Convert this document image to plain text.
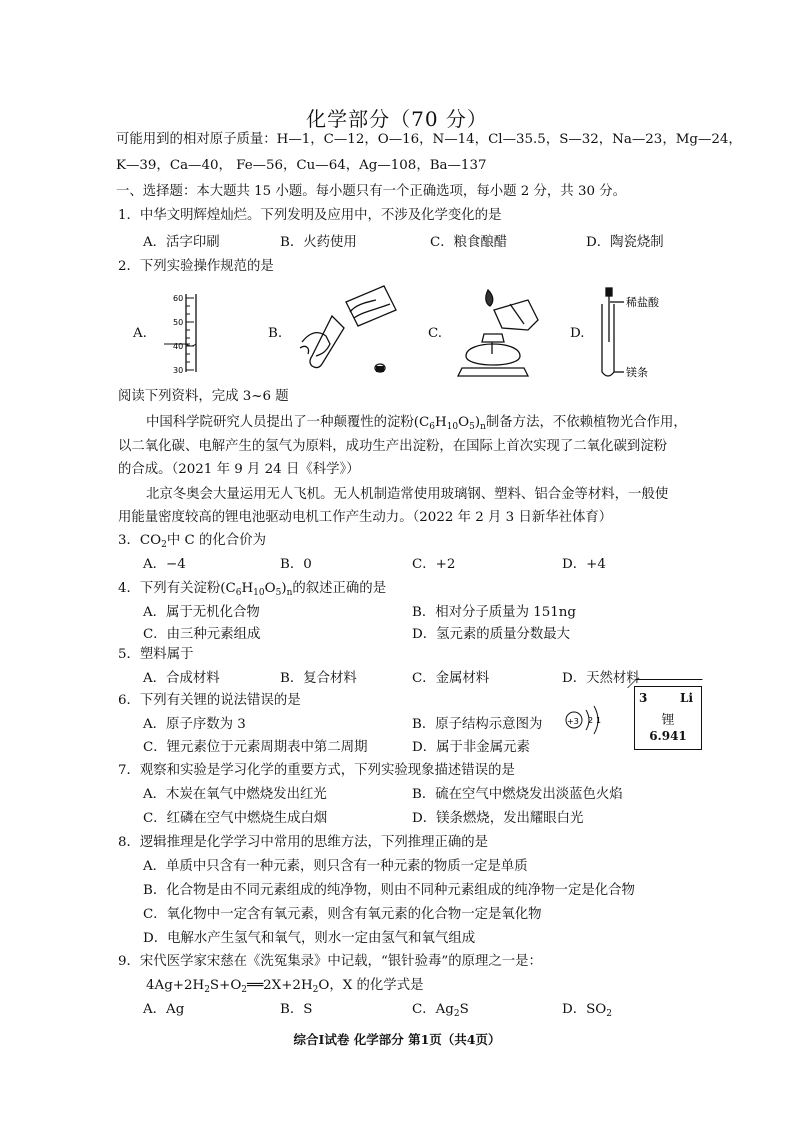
化学部分（70 分）
可能用到的相对原子质量：H—1，C—12，O—16，N—14，Cl—35.5，S—32，Na—23，Mg—24，
K—39，Ca—40， Fe—56，Cu—64，Ag—108，Ba—137
一、选择题：本大题共 15 小题。每小题只有一个正确选项，每小题 2 分，共 30 分。
1．中华文明辉煌灿烂。下列发明及应用中，不涉及化学变化的是
A．活字印刷	B．火药使用	C．粮食酿醋	D．陶瓷烧制
2．下列实验操作规范的是
A.	B.	C.	D.
60
50
40
30
稀盐酸
镁条
阅读下列资料，完成 3~6 题
中国科学院研究人员提出了一种颠覆性的淀粉$(C_6H_{10}O_5)_n$制备方法，不依赖植物光合作用，
以二氧化碳、电解产生的氢气为原料，成功生产出淀粉，在国际上首次实现了二氧化碳到淀粉
的合成。（2021 年 9 月 24 日《科学》）
北京冬奥会大量运用无人飞机。无人机制造常使用玻璃钢、塑料、铝合金等材料，一般使
用能量密度较高的锂电池驱动电机工作产生动力。（2022 年 2 月 3 日新华社体育）
3．$CO_2$中 C 的化合价为
A．−4	B．0	C．+2	D．+4
4．下列有关淀粉$(C_6H_{10}O_5)_n$的叙述正确的是
A．属于无机化合物	B．相对分子质量为 151ng
C．由三种元素组成	D．氢元素的质量分数最大
5．塑料属于
A．合成材料	B．复合材料	C．金属材料	D．天然材料
6．下列有关锂的说法错误的是
A．原子序数为 3	B．原子结构示意图为	+3 2 1
3	Li
锂
6.941
C．锂元素位于元素周期表中第二周期	D．属于非金属元素
7．观察和实验是学习化学的重要方式，下列实验现象描述错误的是
A．木炭在氧气中燃烧发出红光	B．硫在空气中燃烧发出淡蓝色火焰
C．红磷在空气中燃烧生成白烟	D．镁条燃烧，发出耀眼白光
8．逻辑推理是化学学习中常用的思维方法，下列推理正确的是
A．单质中只含有一种元素，则只含有一种元素的物质一定是单质
B．化合物是由不同元素组成的纯净物，则由不同种元素组成的纯净物一定是化合物
C．氧化物中一定含有氧元素，则含有氧元素的化合物一定是氧化物
D．电解水产生氢气和氧气，则水一定由氢气和氧气组成
9．宋代医学家宋慈在《洗冤集录》中记载，“银针验毒”的原理之一是：
$4Ag+2H_2S+O_2══2X+2H_2O$，X 的化学式是
A．Ag	B．S	C．$Ag_2S$	D．$SO_2$
综合Ⅰ试卷 化学部分 第1页（共4页）
